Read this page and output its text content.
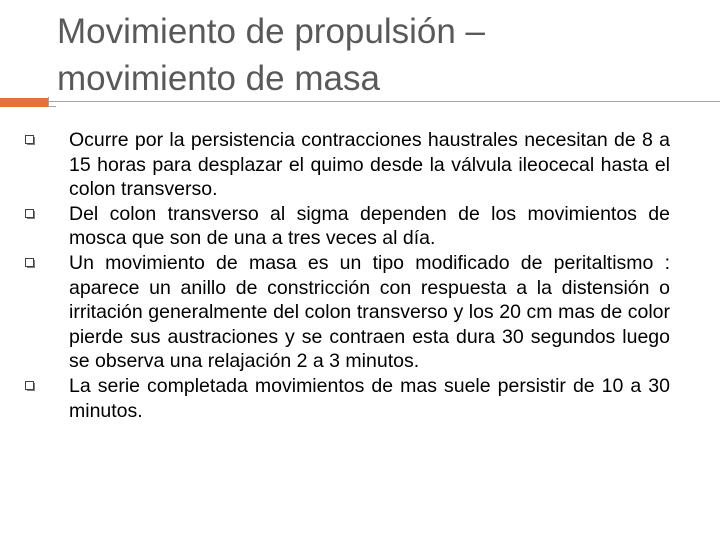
Movimiento de propulsión –
movimiento de masa
Ocurre por la persistencia contracciones haustrales necesitan de 8 a 15 horas para desplazar el quimo desde la válvula ileocecal hasta el colon transverso.
Del colon transverso al sigma dependen de los movimientos de mosca que son de una a tres veces al día.
Un movimiento de masa es un tipo modificado de peritaltismo : aparece un anillo de constricción con respuesta a la distensión o irritación generalmente del colon transverso y los 20 cm mas de color pierde sus austraciones y se contraen esta dura 30 segundos luego se observa una relajación 2 a 3 minutos.
La serie completada movimientos de mas suele persistir de 10 a 30 minutos.
